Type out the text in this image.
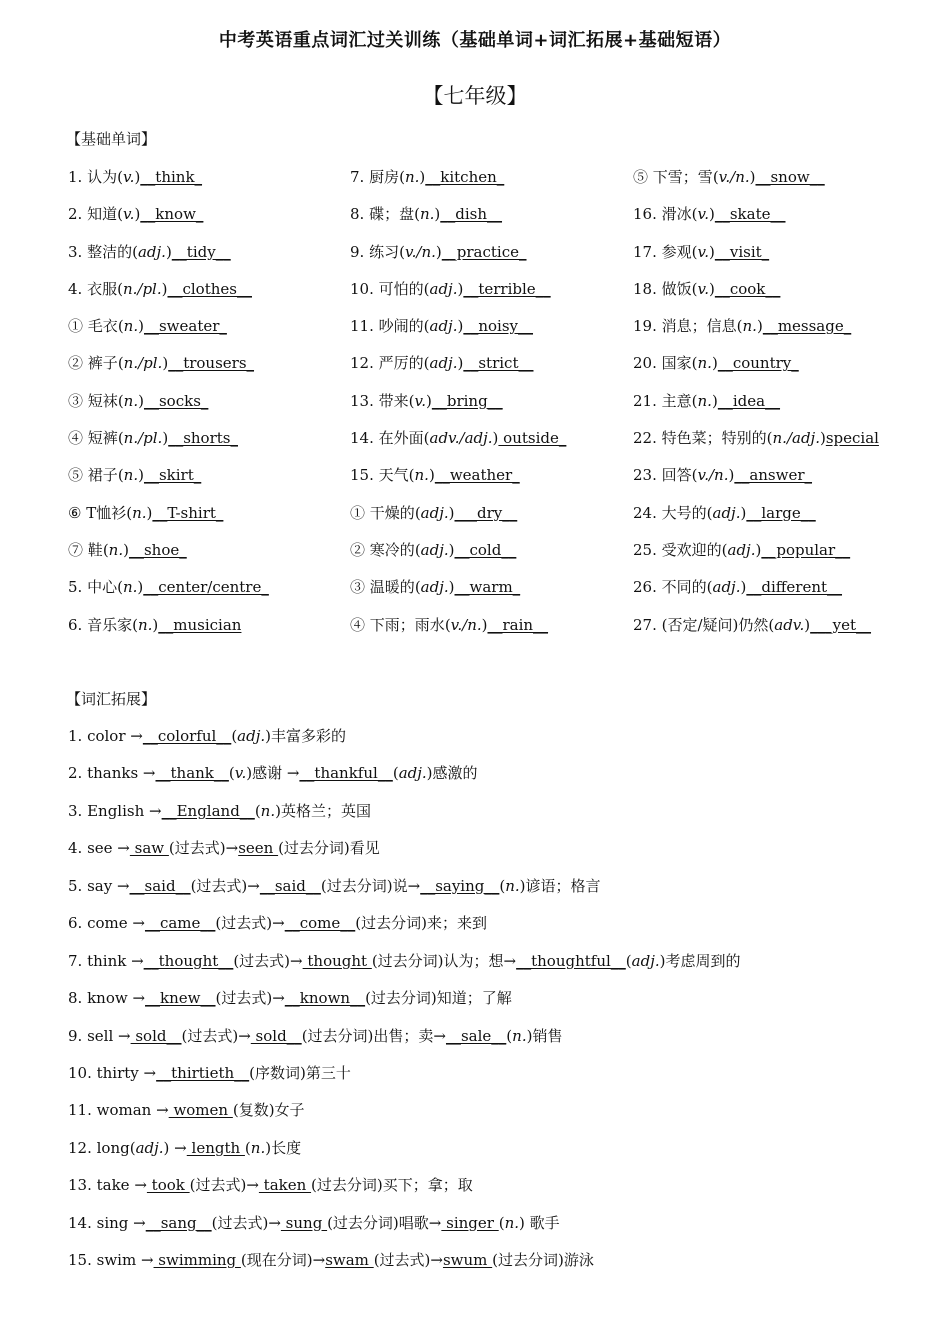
中考英语重点词汇过关训练（基础单词+词汇拓展+基础短语）
【七年级】
【基础单词】
1. 认为(v.)__think_	7. 厨房(n.)__kitchen_	⑤ 下雪；雪(v./n.)__snow__
2. 知道(v.)__know_	8. 碟；盘(n.)__dish__	16. 滑冰(v.)__skate__
3. 整洁的(adj.)__tidy__	9. 练习(v./n.)__practice_	17. 参观(v.)__visit_
4. 衣服(n./pl.)__clothes__	10. 可怕的(adj.)__terrible__	18. 做饭(v.)__cook__
① 毛衣(n.)__sweater_	11. 吵闹的(adj.)__noisy__	19. 消息；信息(n.)__message_
② 裤子(n./pl.)__trousers_	12. 严厉的(adj.)__strict__	20. 国家(n.)__country_
③ 短袜(n.)__socks_	13. 带来(v.)__bring__	21. 主意(n.)__idea__
④ 短裤(n./pl.)__shorts_	14. 在外面(adv./adj.) outside_	22. 特色菜；特别的(n./adj.)special
⑤ 裙子(n.)__skirt_	15. 天气(n.)__weather_	23. 回答(v./n.)__answer_
⑥ T恤衫(n.)__T-shirt_	① 干燥的(adj.)___dry__	24. 大号的(adj.)__large__
⑦ 鞋(n.)__shoe_	② 寒冷的(adj.)__cold__	25. 受欢迎的(adj.)__popular__
5. 中心(n.)__center/centre_	③ 温暖的(adj.)__warm_	26. 不同的(adj.)__different__
6. 音乐家(n.)__musician	④ 下雨；雨水(v./n.)__rain__	27. (否定/疑问)仍然(adv.)___yet__
【词汇拓展】
1. color →__colorful__(adj.)丰富多彩的
2. thanks →__thank__(v.)感谢 →__thankful__(adj.)感激的
3. English →__England__(n.)英格兰；英国
4. see → saw (过去式)→seen (过去分词)看见
5. say →__said__(过去式)→__said__(过去分词)说→__saying__(n.)谚语；格言
6. come →__came__(过去式)→__come__(过去分词)来；来到
7. think →__thought__(过去式)→ thought (过去分词)认为；想→__thoughtful__(adj.)考虑周到的
8. know →__knew__(过去式)→__known__(过去分词)知道；了解
9. sell → sold__(过去式)→ sold__(过去分词)出售；卖→__sale__(n.)销售
10. thirty →__thirtieth__(序数词)第三十
11. woman → women (复数)女子
12. long(adj.) → length (n.)长度
13. take → took (过去式)→ taken (过去分词)买下；拿；取
14. sing →__sang__(过去式)→ sung (过去分词)唱歌→ singer (n.) 歌手
15. swim → swimming (现在分词)→swam (过去式)→swum (过去分词)游泳
